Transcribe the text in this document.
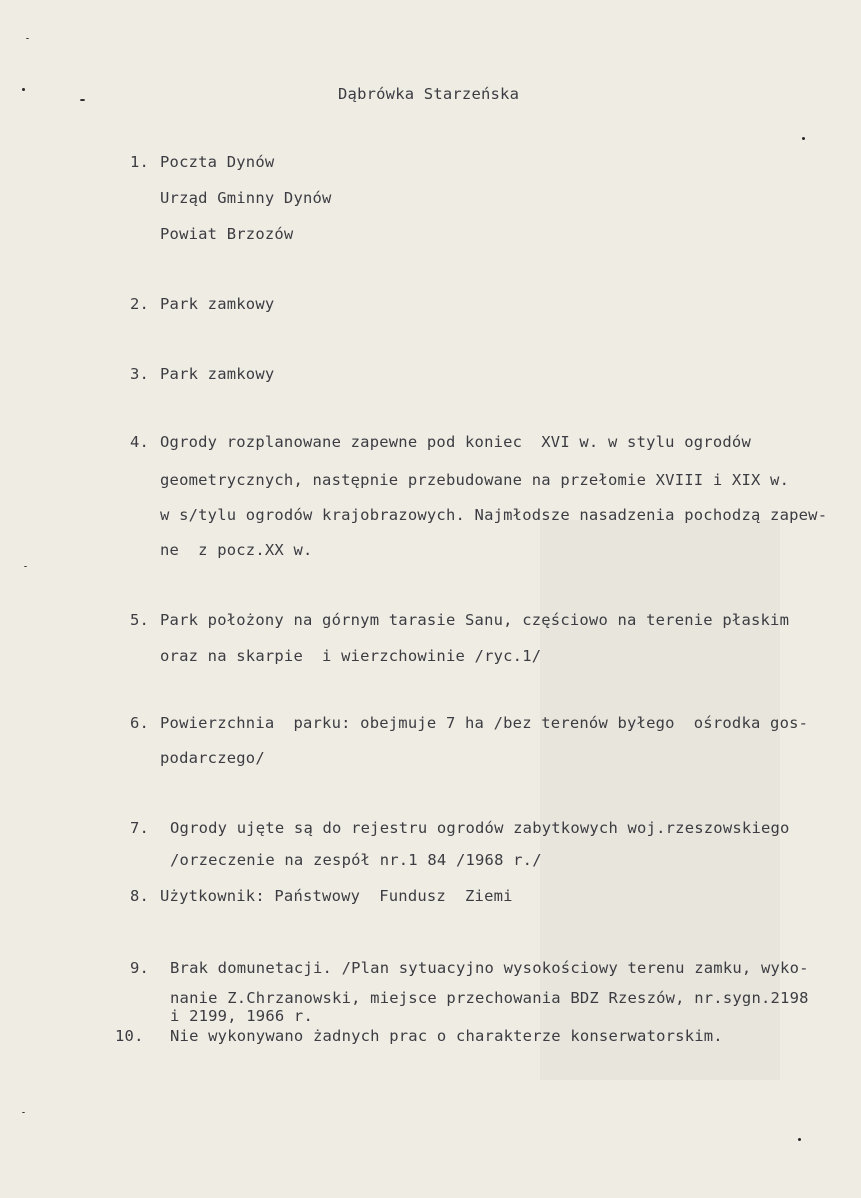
Dąbrówka Starzeńska
1. Poczta Dynów
Urząd Gminny Dynów
Powiat Brzozów
2. Park zamkowy
3. Park zamkowy
4. Ogrody rozplanowane zapewne pod koniec  XVI w. w stylu ogrodów
geometrycznych, następnie przebudowane na przełomie XVIII i XIX w.
w s/tylu ogrodów krajobrazowych. Najmłodsze nasadzenia pochodzą zapew-
ne  z pocz.XX w.
5. Park położony na górnym tarasie Sanu, częściowo na terenie płaskim
oraz na skarpie  i wierzchowinie /ryc.1/
6. Powierzchnia  parku: obejmuje 7 ha /bez terenów byłego  ośrodka gos-
podarczego/
7. Ogrody ujęte są do rejestru ogrodów zabytkowych woj.rzeszowskiego
/orzeczenie na zespół nr.1 84 /1968 r./
8. Użytkownik: Państwowy  Fundusz  Ziemi
9. Brak domunetacji. /Plan sytuacyjno wysokościowy terenu zamku, wyko-
nanie Z.Chrzanowski, miejsce przechowania BDZ Rzeszów, nr.sygn.2198
i 2199, 1966 r.
10. Nie wykonywano żadnych prac o charakterze konserwatorskim.
